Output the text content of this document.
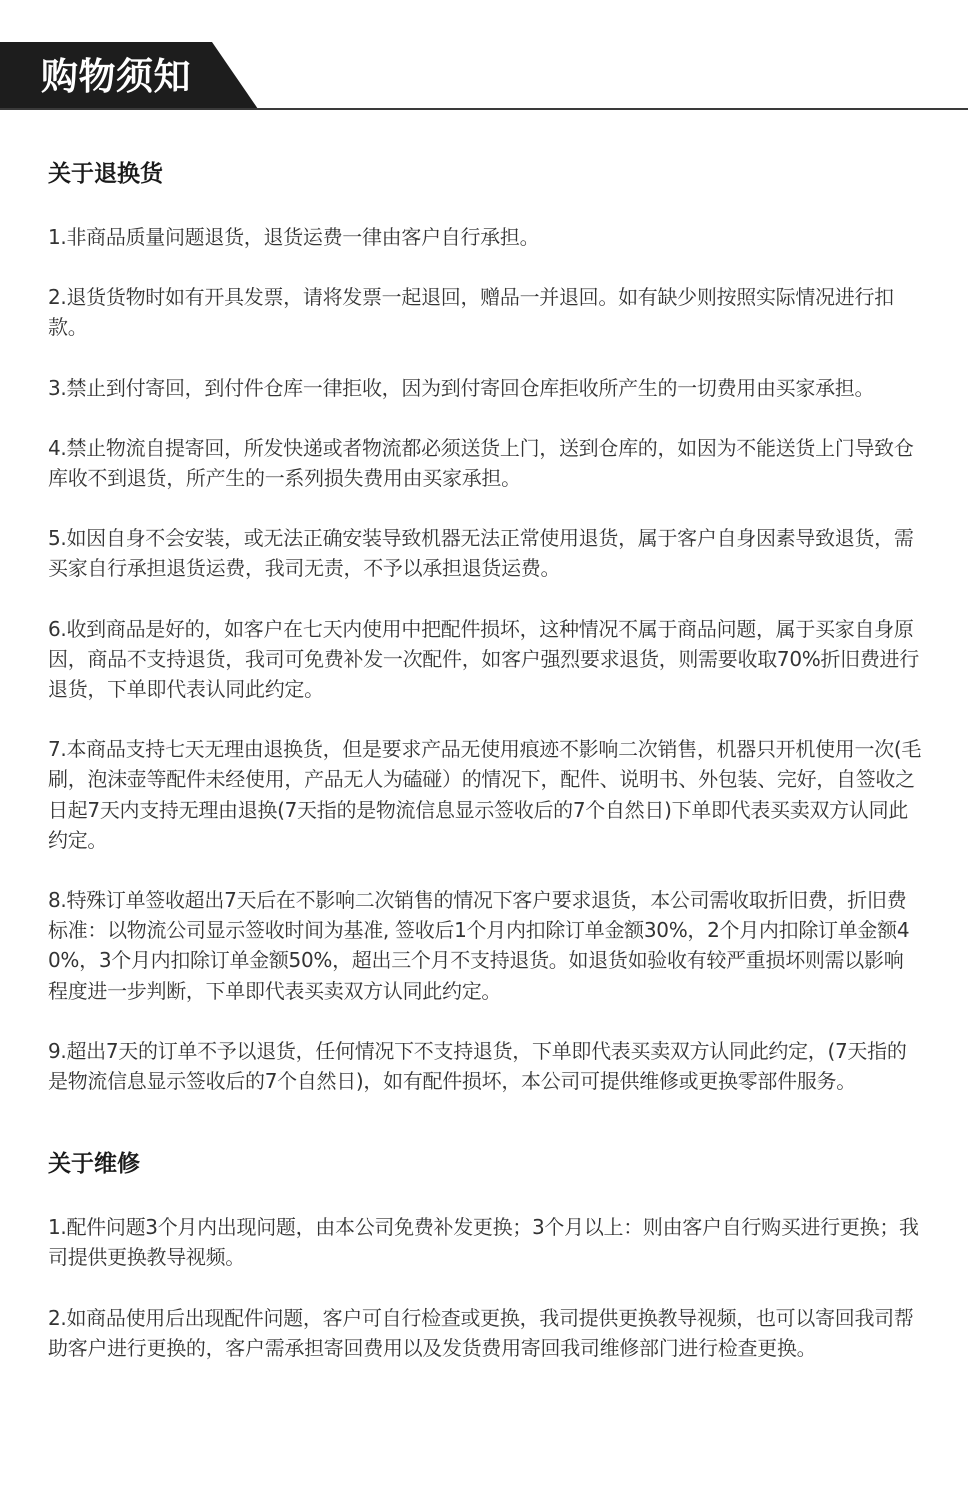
购物须知
关于退换货

1.非商品质量问题退货，退货运费一律由客户自行承担。

2.退货货物时如有开具发票，请将发票一起退回，赠品一并退回。如有缺少则按照实际情况进行扣款。

3.禁止到付寄回，到付件仓库一律拒收，因为到付寄回仓库拒收所产生的一切费用由买家承担。

4.禁止物流自提寄回，所发快递或者物流都必须送货上门，送到仓库的，如因为不能送货上门导致仓库收不到退货，所产生的一系列损失费用由买家承担。

5.如因自身不会安装，或无法正确安装导致机器无法正常使用退货，属于客户自身因素导致退货，需买家自行承担退货运费，我司无责，不予以承担退货运费。

6.收到商品是好的，如客户在七天内使用中把配件损坏，这种情况不属于商品问题，属于买家自身原因，商品不支持退货，我司可免费补发一次配件，如客户强烈要求退货，则需要收取70%折旧费进行退货，下单即代表认同此约定。

7.本商品支持七天无理由退换货，但是要求产品无使用痕迹不影响二次销售，机器只开机使用一次(毛刷，泡沫壶等配件未经使用，产品无人为磕碰）的情况下，配件、说明书、外包装、完好，自签收之日起7天内支持无理由退换(7天指的是物流信息显示签收后的7个自然日)下单即代表买卖双方认同此约定。

8.特殊订单签收超出7天后在不影响二次销售的情况下客户要求退货，本公司需收取折旧费，折旧费标准：以物流公司显示签收时间为基准, 签收后1个月内扣除订单金额30%，2个月内扣除订单金额40%，3个月内扣除订单金额50%，超出三个月不支持退货。如退货如验收有较严重损坏则需以影响程度进一步判断，下单即代表买卖双方认同此约定。

9.超出7天的订单不予以退货，任何情况下不支持退货，下单即代表买卖双方认同此约定，(7天指的是物流信息显示签收后的7个自然日)，如有配件损坏，本公司可提供维修或更换零部件服务。

关于维修

1.配件问题3个月内出现问题，由本公司免费补发更换；3个月以上：则由客户自行购买进行更换；我司提供更换教导视频。

2.如商品使用后出现配件问题，客户可自行检查或更换，我司提供更换教导视频，也可以寄回我司帮助客户进行更换的，客户需承担寄回费用以及发货费用寄回我司维修部门进行检查更换。
